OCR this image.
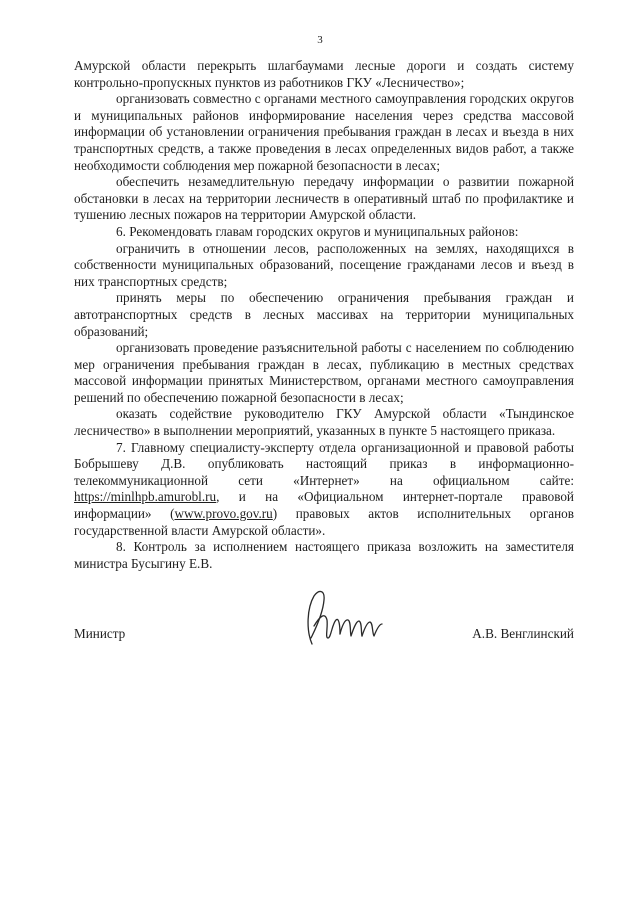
3

Амурской области перекрыть шлагбаумами лесные дороги и создать систему контрольно-пропускных пунктов из работников ГКУ «Лесничество»;

организовать совместно с органами местного самоуправления городских округов и муниципальных районов информирование населения через средства массовой информации об установлении ограничения пребывания граждан в лесах и въезда в них транспортных средств, а также проведения в лесах определенных видов работ, а также необходимости соблюдения мер пожарной безопасности в лесах;

обеспечить незамедлительную передачу информации о развитии пожарной обстановки в лесах на территории лесничеств в оперативный штаб по профилактике и тушению лесных пожаров на территории Амурской области.

6. Рекомендовать главам городских округов и муниципальных районов:

ограничить в отношении лесов, расположенных на землях, находящихся в собственности муниципальных образований, посещение гражданами лесов и въезд в них транспортных средств;

принять меры по обеспечению ограничения пребывания граждан и автотранспортных средств в лесных массивах на территории муниципальных образований;

организовать проведение разъяснительной работы с населением по соблюдению мер ограничения пребывания граждан в лесах, публикацию в местных средствах массовой информации принятых Министерством, органами местного самоуправления решений по обеспечению пожарной безопасности в лесах;

оказать содействие руководителю ГКУ Амурской области «Тындинское лесничество» в выполнении мероприятий, указанных в пункте 5 настоящего приказа.

7. Главному специалисту-эксперту отдела организационной и правовой работы Бобрышеву Д.В. опубликовать настоящий приказ в информационно-телекоммуникационной сети «Интернет» на официальном сайте: https://minlhpb.amurobl.ru, и на «Официальном интернет-портале правовой информации» (www.provo.gov.ru) правовых актов исполнительных органов государственной власти Амурской области».

8. Контроль за исполнением настоящего приказа возложить на заместителя министра Бусыгину Е.В.

Министр	А.В. Венглинский
